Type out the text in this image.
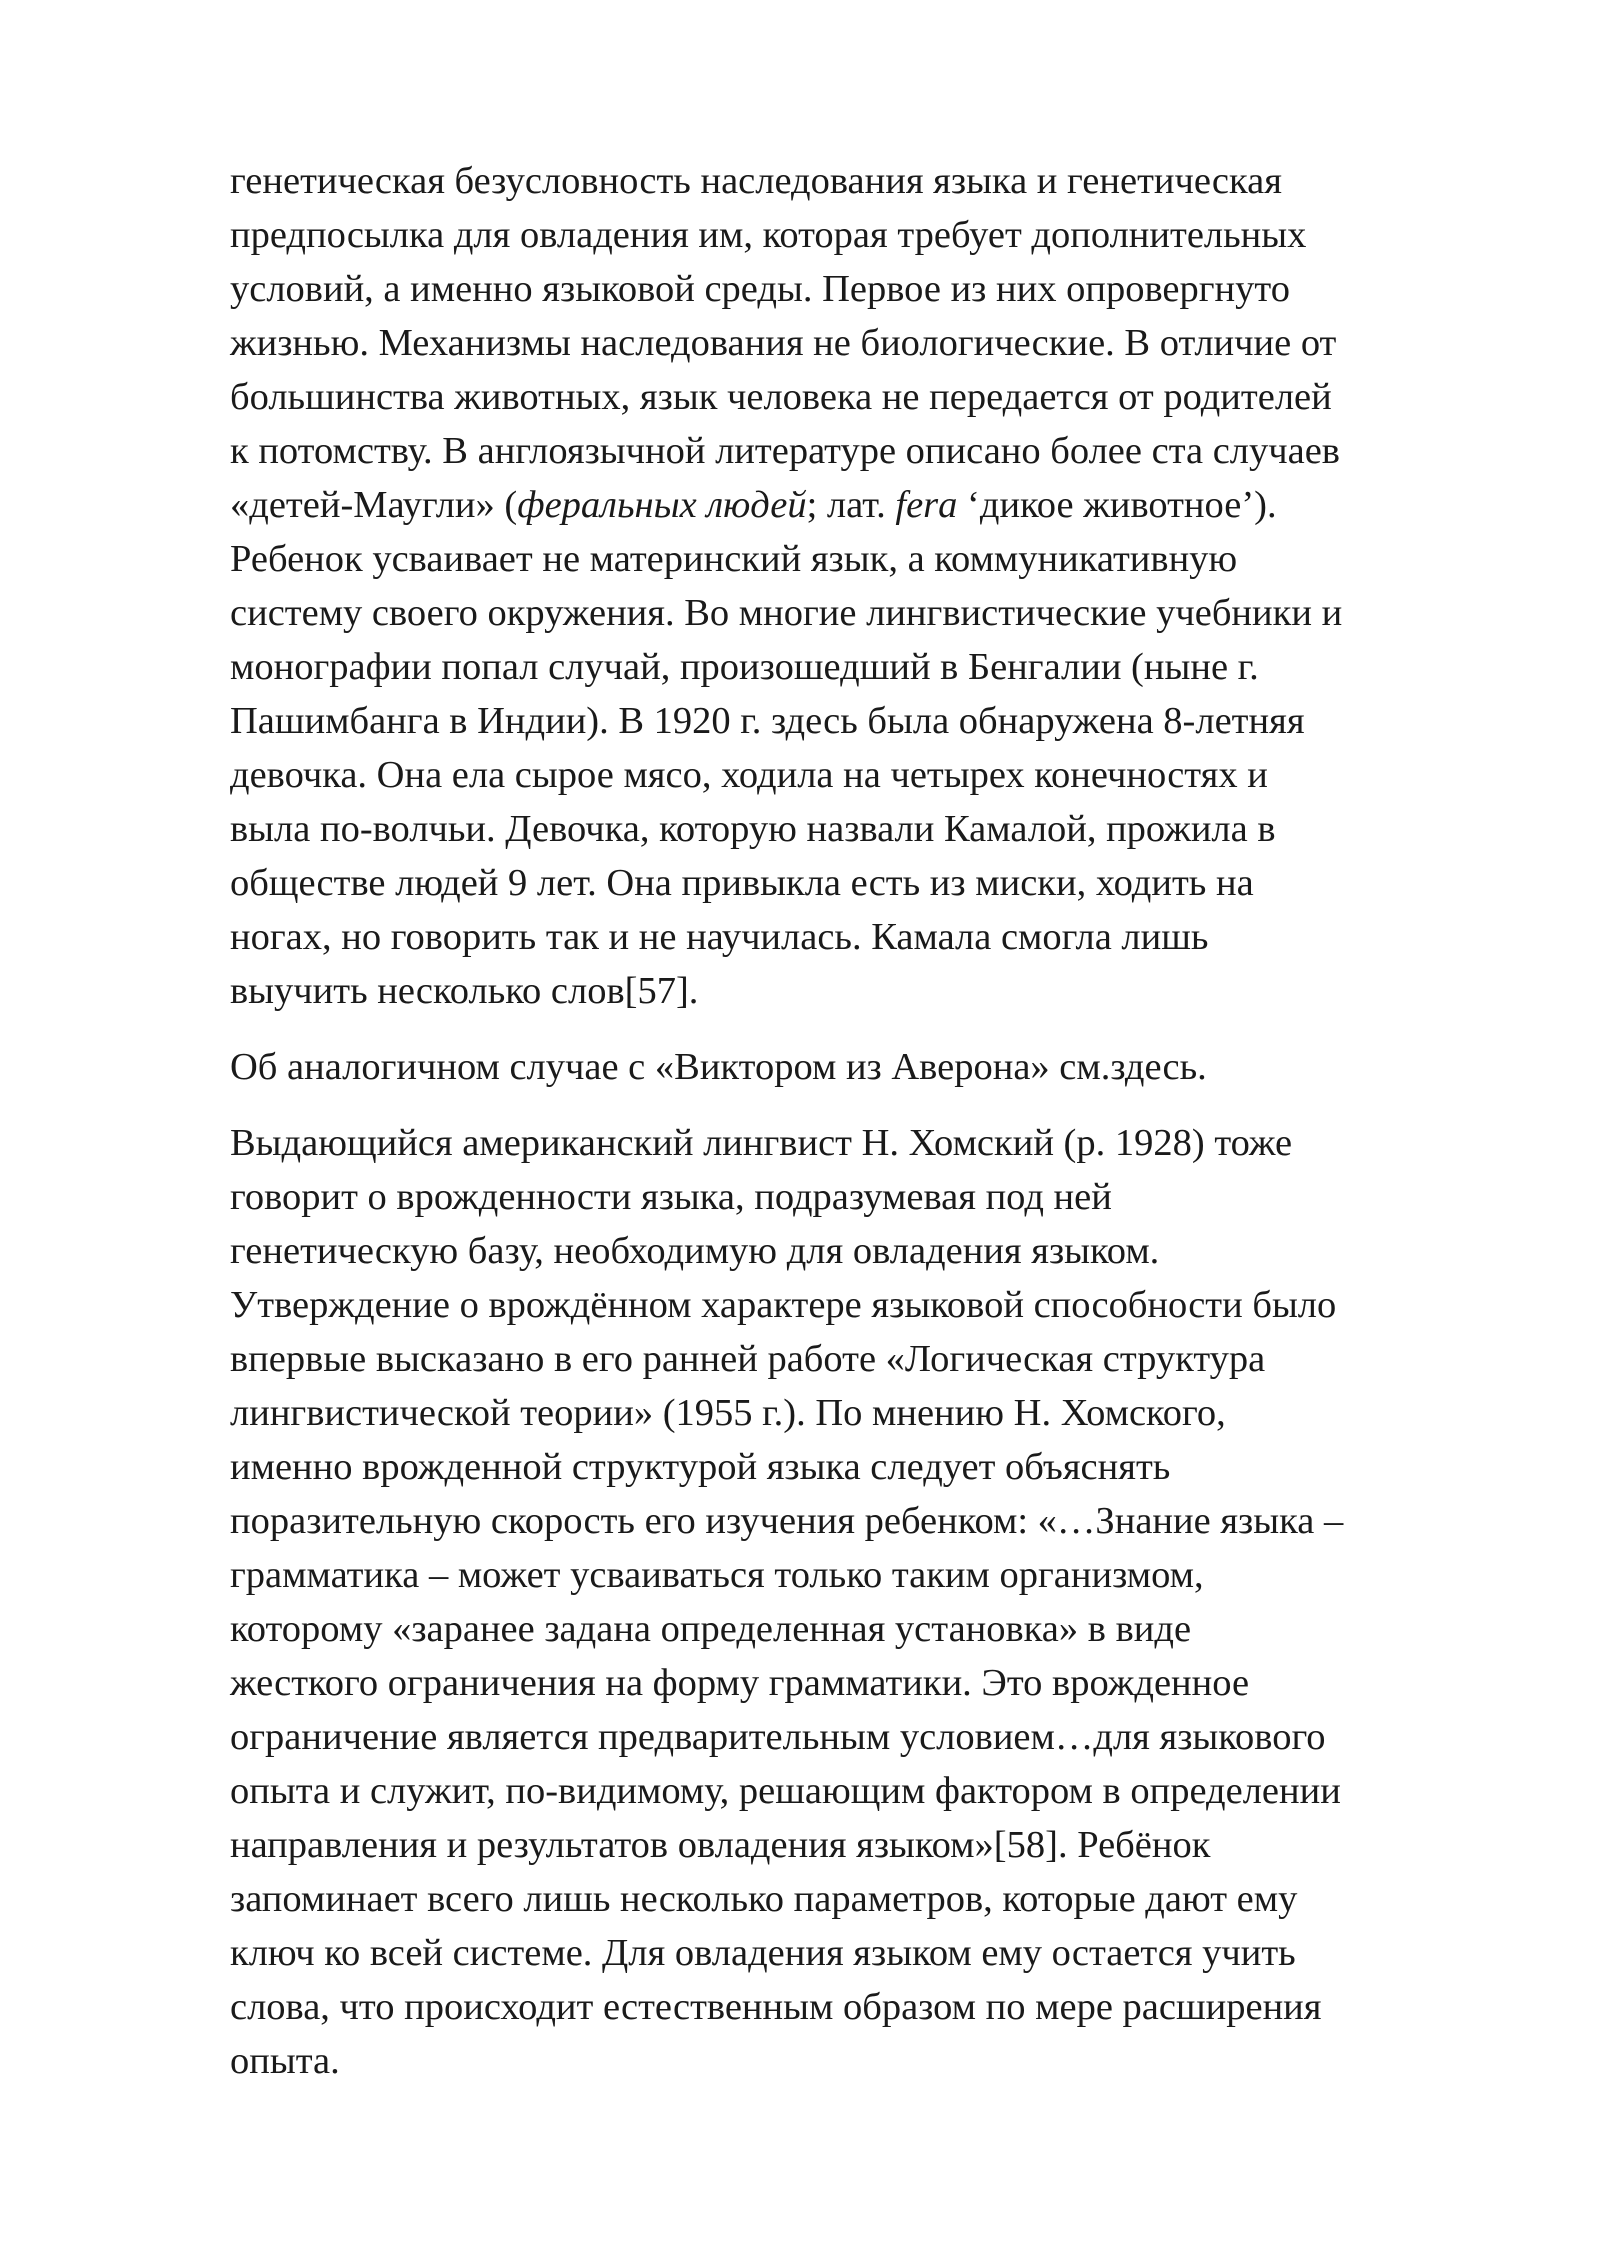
генетическая безусловность наследования языка и генетическая
предпосылка для овладения им, которая требует дополнительных
условий, а именно языковой среды. Первое из них опровергнуто
жизнью. Механизмы наследования не биологические. В отличие от
большинства животных, язык человека не передается от родителей
к потомству. В англоязычной литературе описано более ста случаев
«детей-Маугли» (феральных людей; лат. fera ‘дикое животное’).
Ребенок усваивает не материнский язык, а коммуникативную
систему своего окружения. Во многие лингвистические учебники и
монографии попал случай, произошедший в Бенгалии (ныне г.
Пашимбанга в Индии). В 1920 г. здесь была обнаружена 8-летняя
девочка. Она ела сырое мясо, ходила на четырех конечностях и
выла по-волчьи. Девочка, которую назвали Камалой, прожила в
обществе людей 9 лет. Она привыкла есть из миски, ходить на
ногах, но говорить так и не научилась. Камала смогла лишь
выучить несколько слов[57].
Об аналогичном случае с «Виктором из Аверона» см.здесь.
Выдающийся американский лингвист Н. Хомский (р. 1928) тоже
говорит о врожденности языка, подразумевая под ней
генетическую базу, необходимую для овладения языком.
Утверждение о врождённом характере языковой способности было
впервые высказано в его ранней работе «Логическая структура
лингвистической теории» (1955 г.). По мнению Н. Хомского,
именно врожденной структурой языка следует объяснять
поразительную скорость его изучения ребенком: «…Знание языка –
грамматика – может усваиваться только таким организмом,
которому «заранее задана определенная установка» в виде
жесткого ограничения на форму грамматики. Это врожденное
ограничение является предварительным условием…для языкового
опыта и служит, по-видимому, решающим фактором в определении
направления и результатов овладения языком»[58]. Ребёнок
запоминает всего лишь несколько параметров, которые дают ему
ключ ко всей системе. Для овладения языком ему остается учить
слова, что происходит естественным образом по мере расширения
опыта.
